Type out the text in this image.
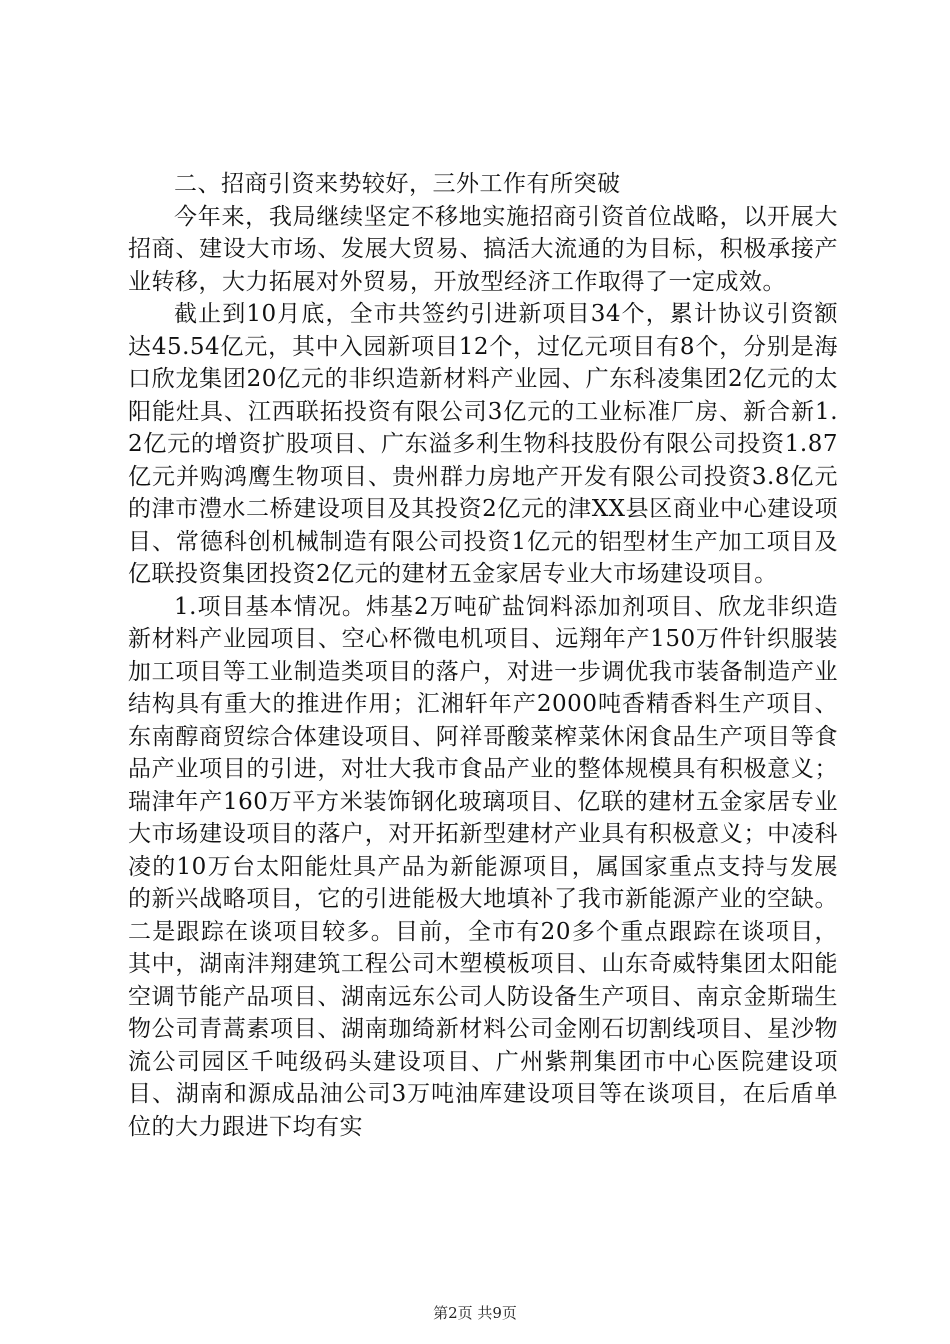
二、招商引资来势较好，三外工作有所突破

今年来，我局继续坚定不移地实施招商引资首位战略，以开展大招商、建设大市场、发展大贸易、搞活大流通的为目标，积极承接产业转移，大力拓展对外贸易，开放型经济工作取得了一定成效。

截止到10月底，全市共签约引进新项目34个，累计协议引资额达45.54亿元，其中入园新项目12个，过亿元项目有8个，分别是海口欣龙集团20亿元的非织造新材料产业园、广东科凌集团2亿元的太阳能灶具、江西联拓投资有限公司3亿元的工业标准厂房、新合新1.2亿元的增资扩股项目、广东溢多利生物科技股份有限公司投资1.87亿元并购鸿鹰生物项目、贵州群力房地产开发有限公司投资3.8亿元的津市澧水二桥建设项目及其投资2亿元的津XX县区商业中心建设项目、常德科创机械制造有限公司投资1亿元的铝型材生产加工项目及亿联投资集团投资2亿元的建材五金家居专业大市场建设项目。

1.项目基本情况。炜基2万吨矿盐饲料添加剂项目、欣龙非织造新材料产业园项目、空心杯微电机项目、远翔年产150万件针织服装加工项目等工业制造类项目的落户，对进一步调优我市装备制造产业结构具有重大的推进作用；汇湘轩年产2000吨香精香料生产项目、东南醇商贸综合体建设项目、阿祥哥酸菜榨菜休闲食品生产项目等食品产业项目的引进，对壮大我市食品产业的整体规模具有积极意义；瑞津年产160万平方米装饰钢化玻璃项目、亿联的建材五金家居专业大市场建设项目的落户，对开拓新型建材产业具有积极意义；中凌科凌的10万台太阳能灶具产品为新能源项目，属国家重点支持与发展的新兴战略项目，它的引进能极大地填补了我市新能源产业的空缺。二是跟踪在谈项目较多。目前，全市有20多个重点跟踪在谈项目，其中，湖南沣翔建筑工程公司木塑模板项目、山东奇威特集团太阳能空调节能产品项目、湖南远东公司人防设备生产项目、南京金斯瑞生物公司青蒿素项目、湖南珈绮新材料公司金刚石切割线项目、星沙物流公司园区千吨级码头建设项目、广州紫荆集团市中心医院建设项目、湖南和源成品油公司3万吨油库建设项目等在谈项目，在后盾单位的大力跟进下均有实

第2页 共9页
